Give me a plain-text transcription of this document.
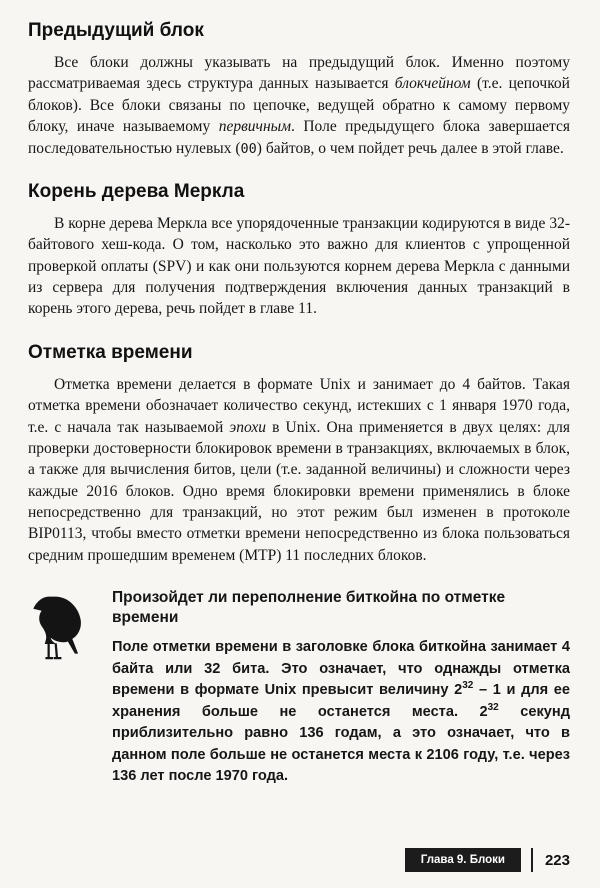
Предыдущий блок

Все блоки должны указывать на предыдущий блок. Именно поэтому рассматриваемая здесь структура данных называется блокчейном (т.е. цепочкой блоков). Все блоки связаны по цепочке, ведущей обратно к самому первому блоку, иначе называемому первичным. Поле предыдущего блока завершается последовательностью нулевых (00) байтов, о чем пойдет речь далее в этой главе.

Корень дерева Меркла

В корне дерева Меркла все упорядоченные транзакции кодируются в виде 32-байтового хеш-кода. О том, насколько это важно для клиентов с упрощенной проверкой оплаты (SPV) и как они пользуются корнем дерева Меркла с данными из сервера для получения подтверждения включения данных транзакций в корень этого дерева, речь пойдет в главе 11.

Отметка времени

Отметка времени делается в формате Unix и занимает до 4 байтов. Такая отметка времени обозначает количество секунд, истекших с 1 января 1970 года, т.е. с начала так называемой эпохи в Unix. Она применяется в двух целях: для проверки достоверности блокировок времени в транзакциях, включаемых в блок, а также для вычисления битов, цели (т.е. заданной величины) и сложности через каждые 2016 блоков. Одно время блокировки времени применялись в блоке непосредственно для транзакций, но этот режим был изменен в протоколе BIP0113, чтобы вместо отметки времени непосредственно из блока пользоваться средним прошедшим временем (MTP) 11 последних блоков.

Произойдет ли переполнение биткойна по отметке времени

Поле отметки времени в заголовке блока биткойна занимает 4 байта или 32 бита. Это означает, что однажды отметка времени в формате Unix превысит величину $2^{32} - 1$ и для ее хранения больше не останется места. $2^{32}$ секунд приблизительно равно 136 годам, а это означает, что в данном поле больше не останется места к 2106 году, т.е. через 136 лет после 1970 года.

Глава 9. Блоки	223
